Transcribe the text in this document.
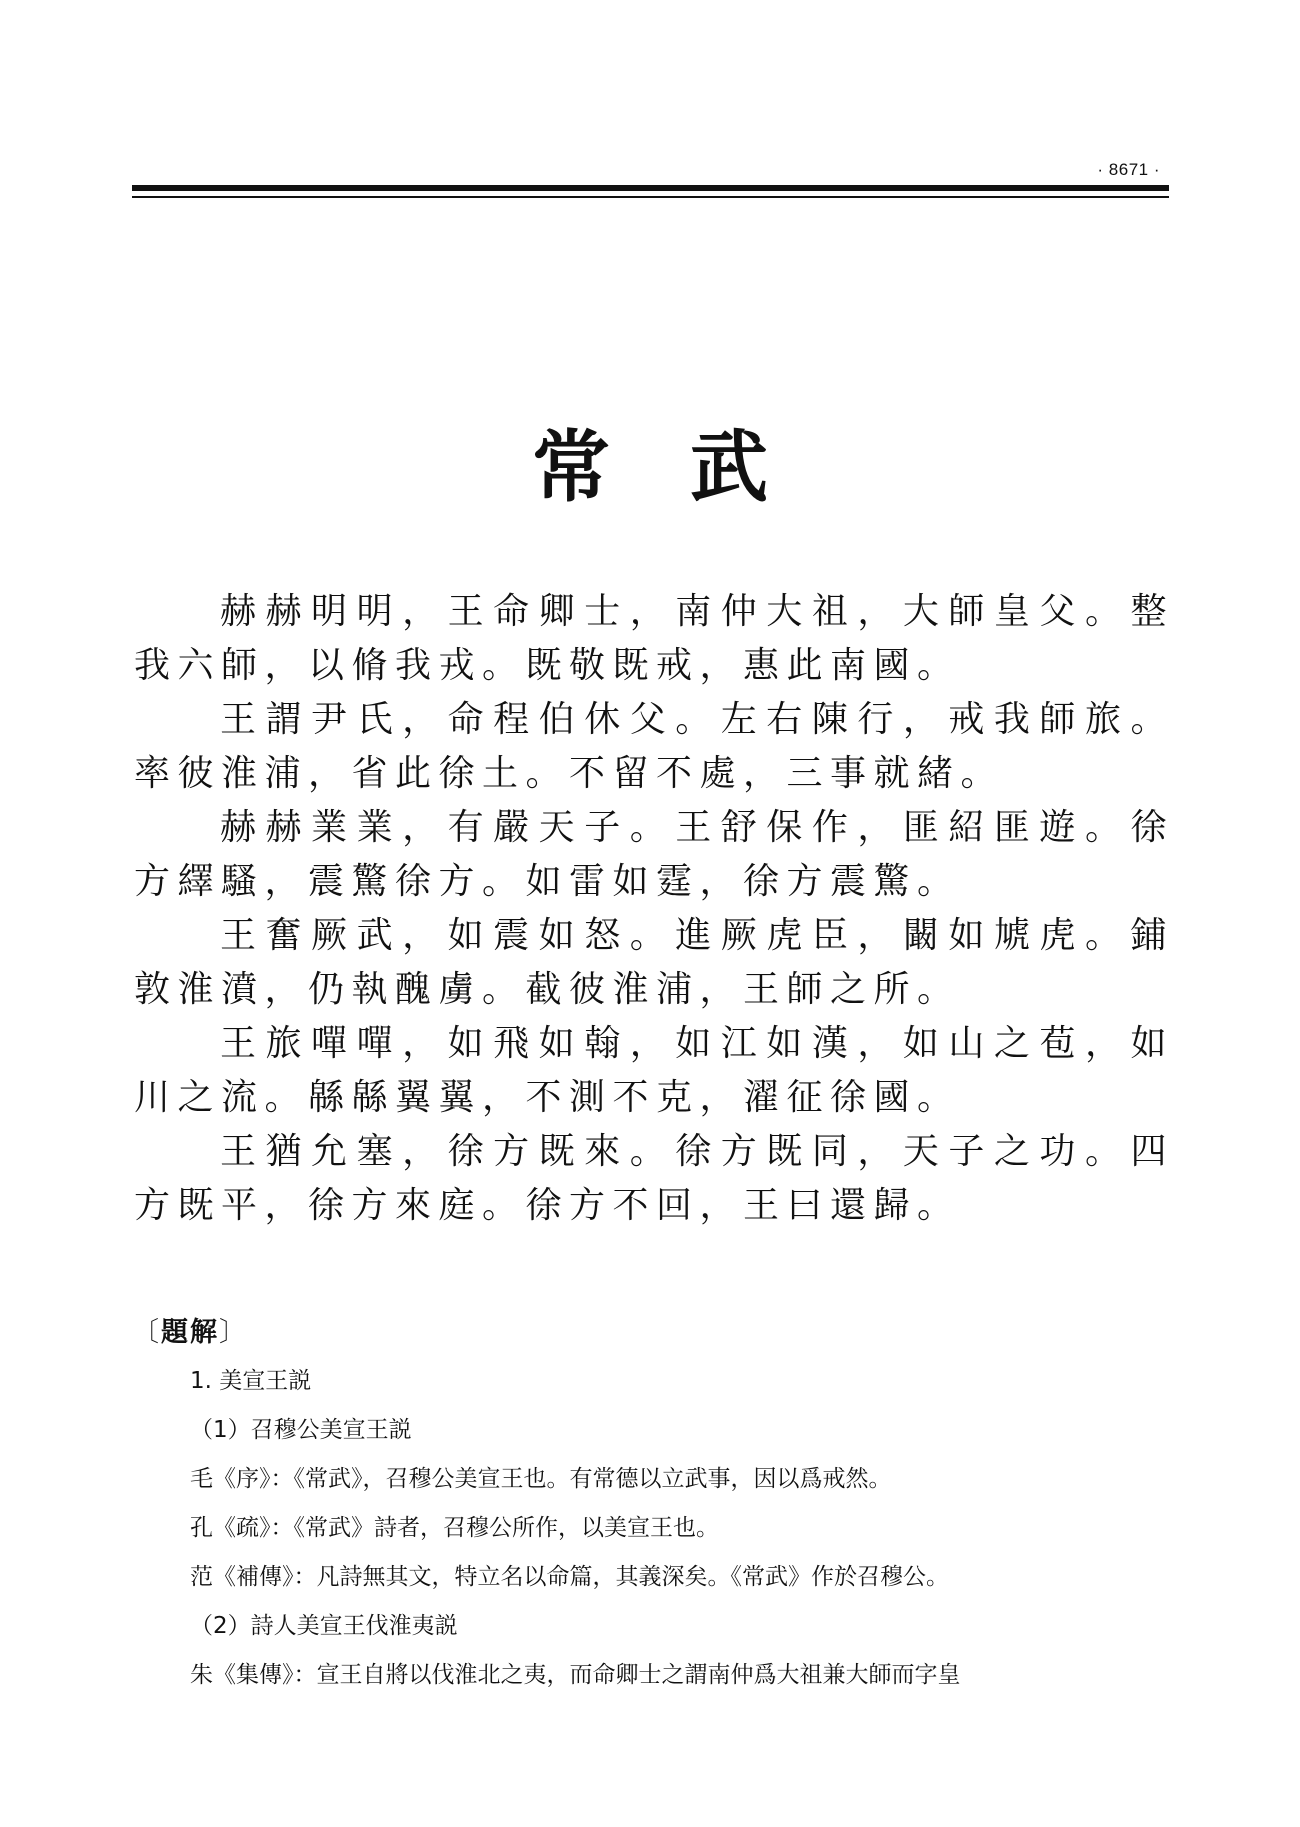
· 8671 ·
常武

赫赫明明，王命卿士，南仲大祖，大師皇父。整我六師，以脩我戎。既敬既戒，惠此南國。

王謂尹氏，命程伯休父。左右陳行，戒我師旅。率彼淮浦，省此徐土。不留不處，三事就緒。

赫赫業業，有嚴天子。王舒保作，匪紹匪遊。徐方繹騷，震驚徐方。如雷如霆，徐方震驚。

王奮厥武，如震如怒。進厥虎臣，闞如虓虎。鋪敦淮濆，仍執醜虜。截彼淮浦，王師之所。

王旅嘽嘽，如飛如翰，如江如漢，如山之苞，如川之流。緜緜翼翼，不測不克，濯征徐國。

王猶允塞，徐方既來。徐方既同，天子之功。四方既平，徐方來庭。徐方不回，王曰還歸。

〔題解〕
1. 美宣王説
（1）召穆公美宣王説
毛《序》：《常武》，召穆公美宣王也。有常德以立武事，因以爲戒然。
孔《疏》：《常武》詩者，召穆公所作，以美宣王也。
范《補傳》：凡詩無其文，特立名以命篇，其義深矣。《常武》作於召穆公。
（2）詩人美宣王伐淮夷説
朱《集傳》：宣王自將以伐淮北之夷，而命卿士之謂南仲爲大祖兼大師而字皇
